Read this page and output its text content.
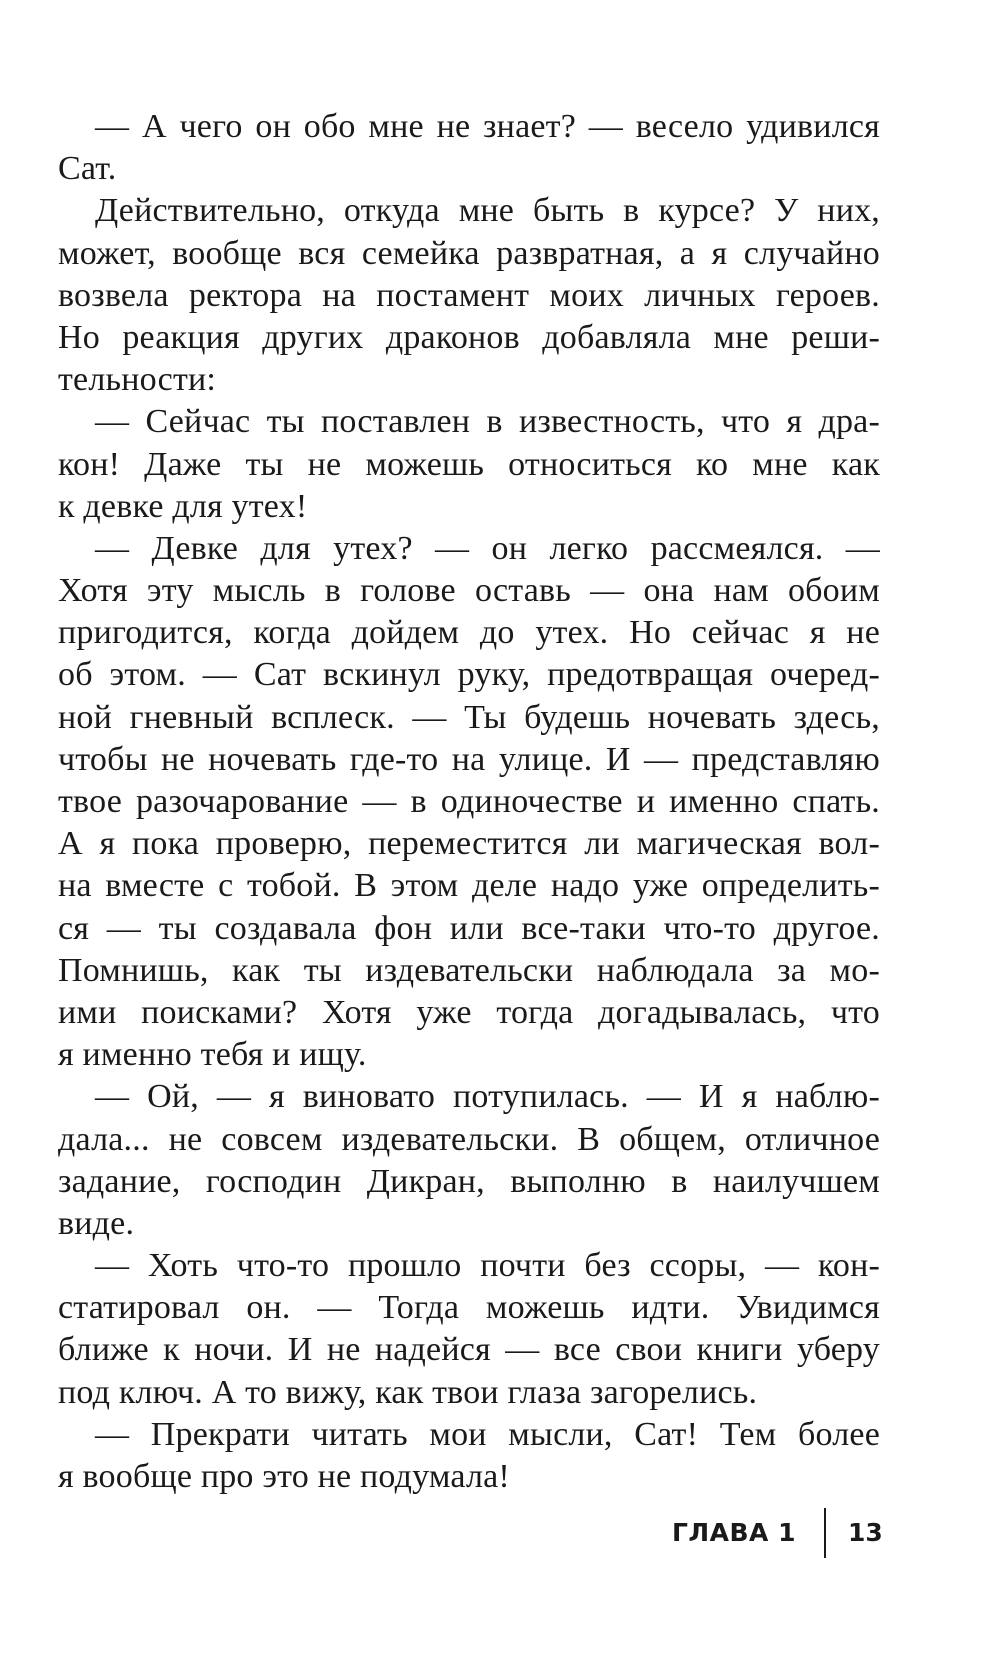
— А чего он обо мне не знает? — весело удивился
Сат.
Действительно, откуда мне быть в курсе? У них,
может, вообще вся семейка развратная, а я случайно
возвела ректора на постамент моих личных героев.
Но реакция других драконов добавляла мне реши-
тельности:
— Сейчас ты поставлен в известность, что я дра-
кон! Даже ты не можешь относиться ко мне как
к девке для утех!
— Девке для утех? — он легко рассмеялся. —
Хотя эту мысль в голове оставь — она нам обоим
пригодится, когда дойдем до утех. Но сейчас я не
об этом. — Сат вскинул руку, предотвращая очеред-
ной гневный всплеск. — Ты будешь ночевать здесь,
чтобы не ночевать где-то на улице. И — представляю
твое разочарование — в одиночестве и именно спать.
А я пока проверю, переместится ли магическая вол-
на вместе с тобой. В этом деле надо уже определить-
ся — ты создавала фон или все-таки что-то другое.
Помнишь, как ты издевательски наблюдала за мо-
ими поисками? Хотя уже тогда догадывалась, что
я именно тебя и ищу.
— Ой, — я виновато потупилась. — И я наблю-
дала... не совсем издевательски. В общем, отличное
задание, господин Дикран, выполню в наилучшем
виде.
— Хоть что-то прошло почти без ссоры, — кон-
статировал он. — Тогда можешь идти. Увидимся
ближе к ночи. И не надейся — все свои книги уберу
под ключ. А то вижу, как твои глаза загорелись.
— Прекрати читать мои мысли, Сат! Тем более
я вообще про это не подумала!
ГЛАВА 1 13
